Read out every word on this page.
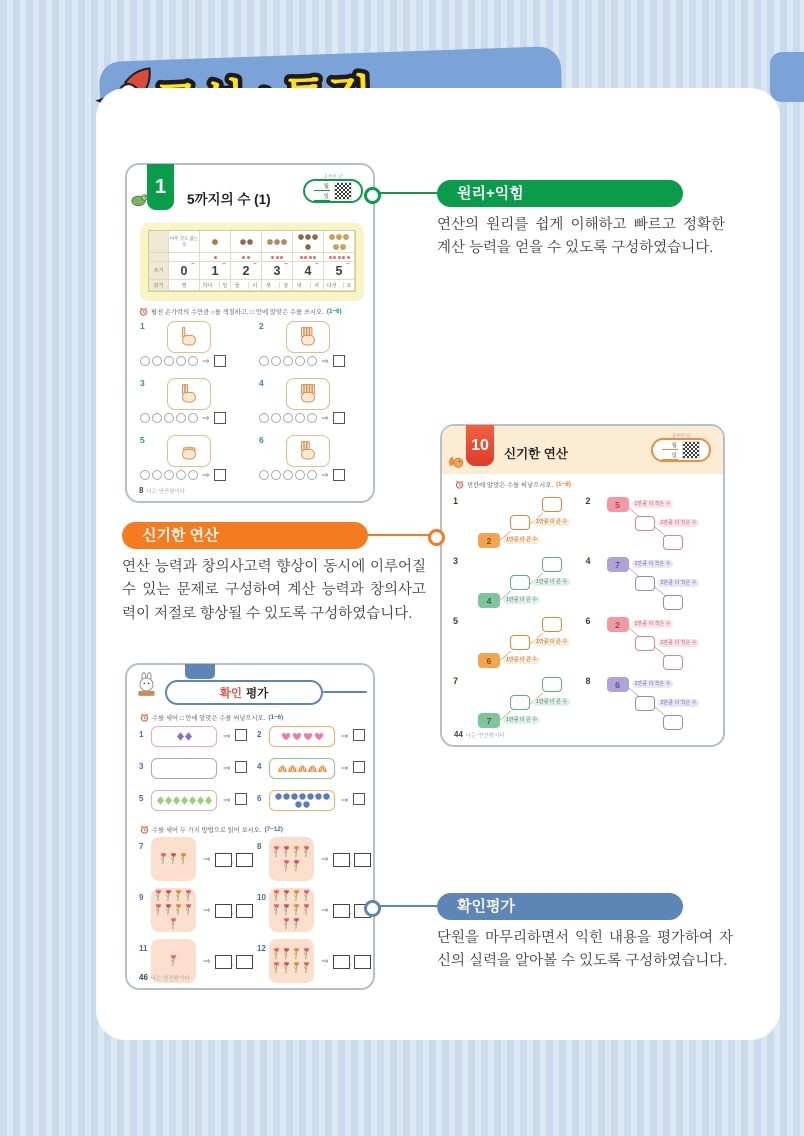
1
5까지의 수 (1)
공부한 날
월
일
아무 것도 없는 것
쓰기	0	1	2	3	4	5
읽기	영	하나	일 둘	이 셋	삼 넷	사 다섯	오
펼친 손가락의 수만큼 ○를 색칠하고, □ 안에 알맞은 수를 쓰시오. (1~6)
1
⇒
2
⇒
3
⇒
4
⇒
5
⇒
6
⇒
8 나는 연산왕이다
10
신기한 연산
공부한 날
월
일
빈칸에 알맞은 수를 써넣으시오. (1~8)
1
2	1만큼 더 큰 수
1만큼 더 큰 수
2	5	1만큼 더 작은 수
1만큼 더 작은 수
3
4	1만큼 더 큰 수
1만큼 더 큰 수
4	7	1만큼 더 작은 수
1만큼 더 작은 수
5
6	1만큼 더 큰 수
1만큼 더 큰 수
6	2	1만큼 더 작은 수
1만큼 더 작은 수
7
7	1만큼 더 큰 수
1만큼 더 큰 수
8	6	1만큼 더 작은 수
1만큼 더 작은 수
44 나는 연산왕이다
확인 평가
수를 세어 □ 안에 알맞은 수를 써넣으시오. (1~6)
1	⇒	2	⇒
3	⇒	4	⇒
5	⇒	6	⇒
수를 세어 두 가지 방법으로 읽어 보시오. (7~12)
7
⇒	,
8
⇒	,
9
⇒	,
10
⇒	,
11
⇒	,
12
⇒	,
46 나는 연산왕이다
원리+익힘
연산의 원리를 쉽게 이해하고 빠르고 정확한 계산 능력을 얻을 수 있도록 구성하였습니다.
신기한 연산
연산 능력과 창의사고력 향상이 동시에 이루어질 수 있는 문제로 구성하여 계산 능력과 창의사고력이 저절로 향상될 수 있도록 구성하였습니다.
확인평가
단원을 마무리하면서 익힌 내용을 평가하여 자신의 실력을 알아볼 수 있도록 구성하였습니다.
